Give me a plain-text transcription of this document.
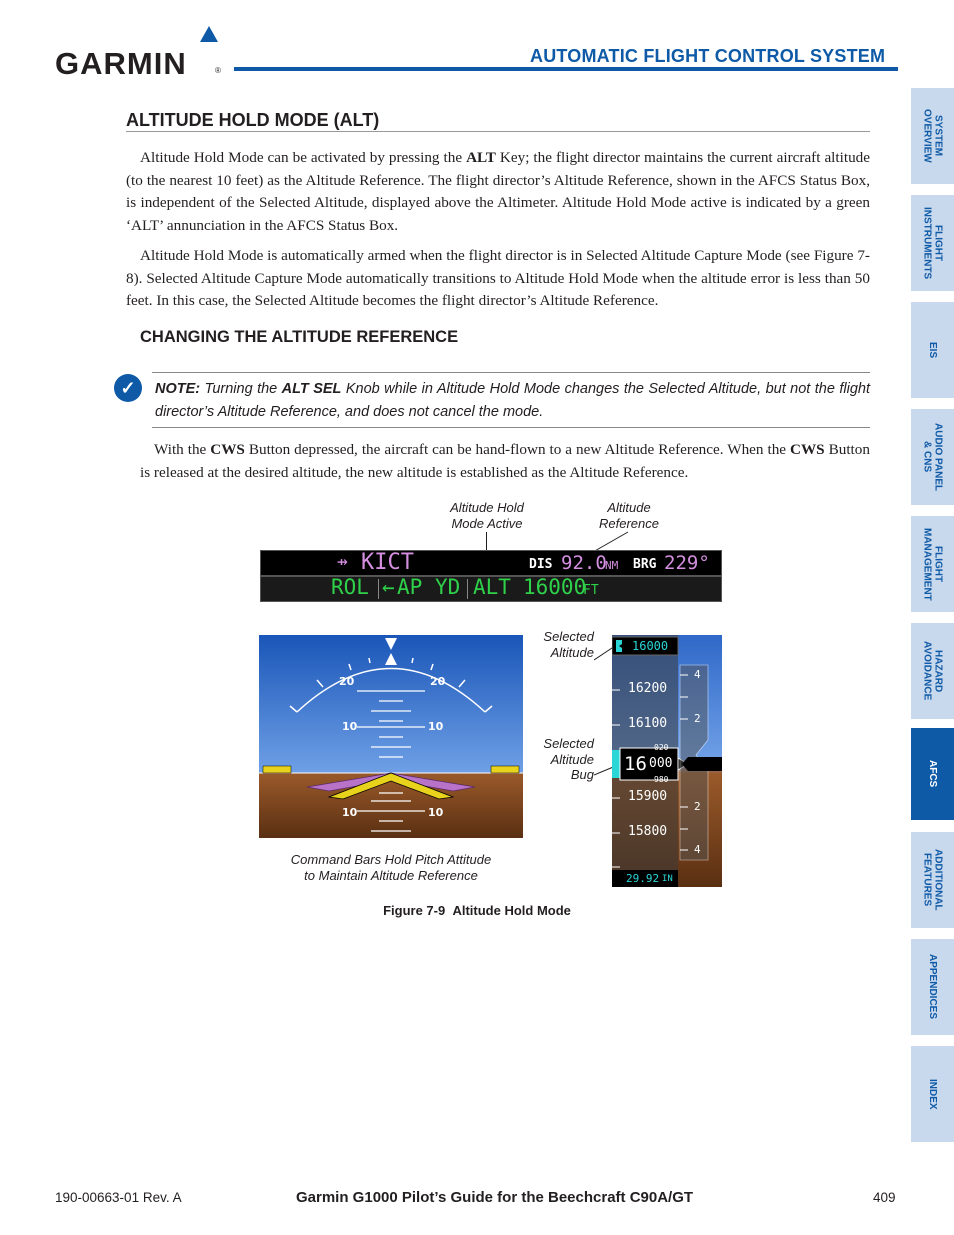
GARMIN	®
AUTOMATIC FLIGHT CONTROL SYSTEM
SYSTEM
OVERVIEW
FLIGHT
INSTRUMENTS
EIS
AUDIO PANEL
& CNS
FLIGHT
MANAGEMENT
HAZARD
AVOIDANCE
AFCS
ADDITIONAL
FEATURES
APPENDICES
INDEX
ALTITUDE HOLD MODE (ALT)
Altitude Hold Mode can be activated by pressing the ALT Key; the flight director maintains the current aircraft altitude (to the nearest 10 feet) as the Altitude Reference. The flight director’s Altitude Reference, shown in the AFCS Status Box, is independent of the Selected Altitude, displayed above the Altimeter. Altitude Hold Mode active is indicated by a green ‘ALT’ annunciation in the AFCS Status Box.
Altitude Hold Mode is automatically armed when the flight director is in Selected Altitude Capture Mode (see Figure 7-8). Selected Altitude Capture Mode automatically transitions to Altitude Hold Mode when the altitude error is less than 50 feet. In this case, the Selected Altitude becomes the flight director’s Altitude Reference.
CHANGING THE ALTITUDE REFERENCE
✓	NOTE: Turning the ALT SEL Knob while in Altitude Hold Mode changes the Selected Altitude, but not the flight director’s Altitude Reference, and does not cancel the mode.
With the CWS Button depressed, the aircraft can be hand-flown to a new Altitude Reference. When the CWS Button is released at the desired altitude, the new altitude is established as the Altitude Reference.
Altitude Hold
Mode Active
Altitude
Reference
⇸ KICT	DIS 92.0
NM BRG 229°
ROL ← AP YD ALT 16000
FT
20	20
10	10
10	10
Selected
Altitude
Selected
Altitude
Bug
16000
16200
16100
15900
15800
16 000
020
980
4
2
2
4
29.92 IN
Command Bars Hold Pitch Attitude
to Maintain Altitude Reference
Figure 7-9 Altitude Hold Mode
190-00663-01 Rev. A	Garmin G1000 Pilot’s Guide for the Beechcraft C90A/GT	409
